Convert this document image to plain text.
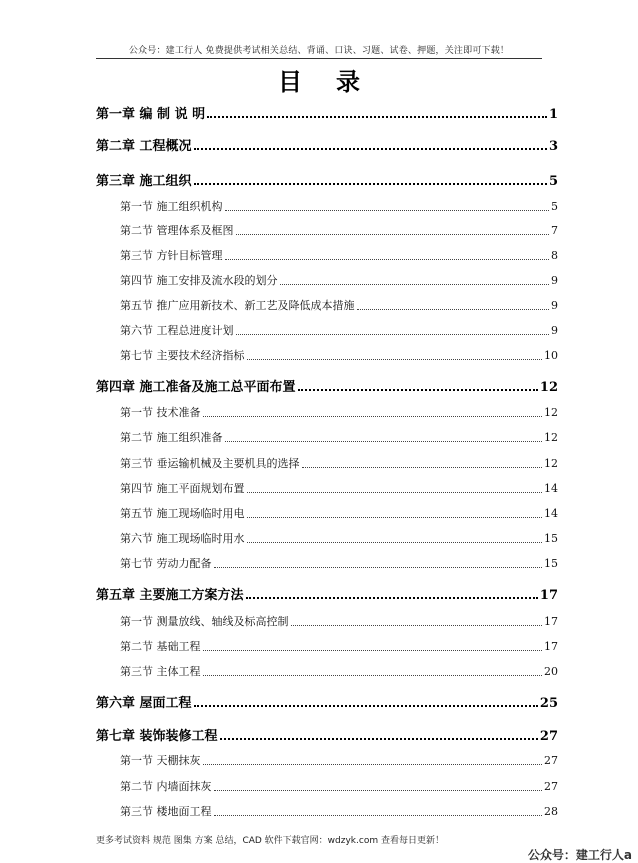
公众号：建工行人 免费提供考试相关总结、背诵、口诀、习题、试卷、押题，关注即可下载！
目录
第一章 编 制 说 明	1
第二章 工程概况	3
第三章 施工组织	5
第一节 施工组织机构	5
第二节 管理体系及框图	7
第三节 方针目标管理	8
第四节 施工安排及流水段的划分	9
第五节 推广应用新技术、新工艺及降低成本措施	9
第六节 工程总进度计划	9
第七节 主要技术经济指标	10
第四章 施工准备及施工总平面布置	12
第一节 技术准备	12
第二节 施工组织准备	12
第三节 垂运输机械及主要机具的选择	12
第四节 施工平面规划布置	14
第五节 施工现场临时用电	14
第六节 施工现场临时用水	15
第七节 劳动力配备	15
第五章 主要施工方案方法	17
第一节 测量放线、轴线及标高控制	17
第二节 基础工程	17
第三节 主体工程	20
第六章 屋面工程	25
第七章 装饰装修工程	27
第一节 天棚抹灰	27
第二节 内墙面抹灰	27
第三节 楼地面工程	28
更多考试资料 规范 图集 方案 总结，CAD 软件下载官网：wdzyk.com 查看每日更新！
公众号：建工行人a
